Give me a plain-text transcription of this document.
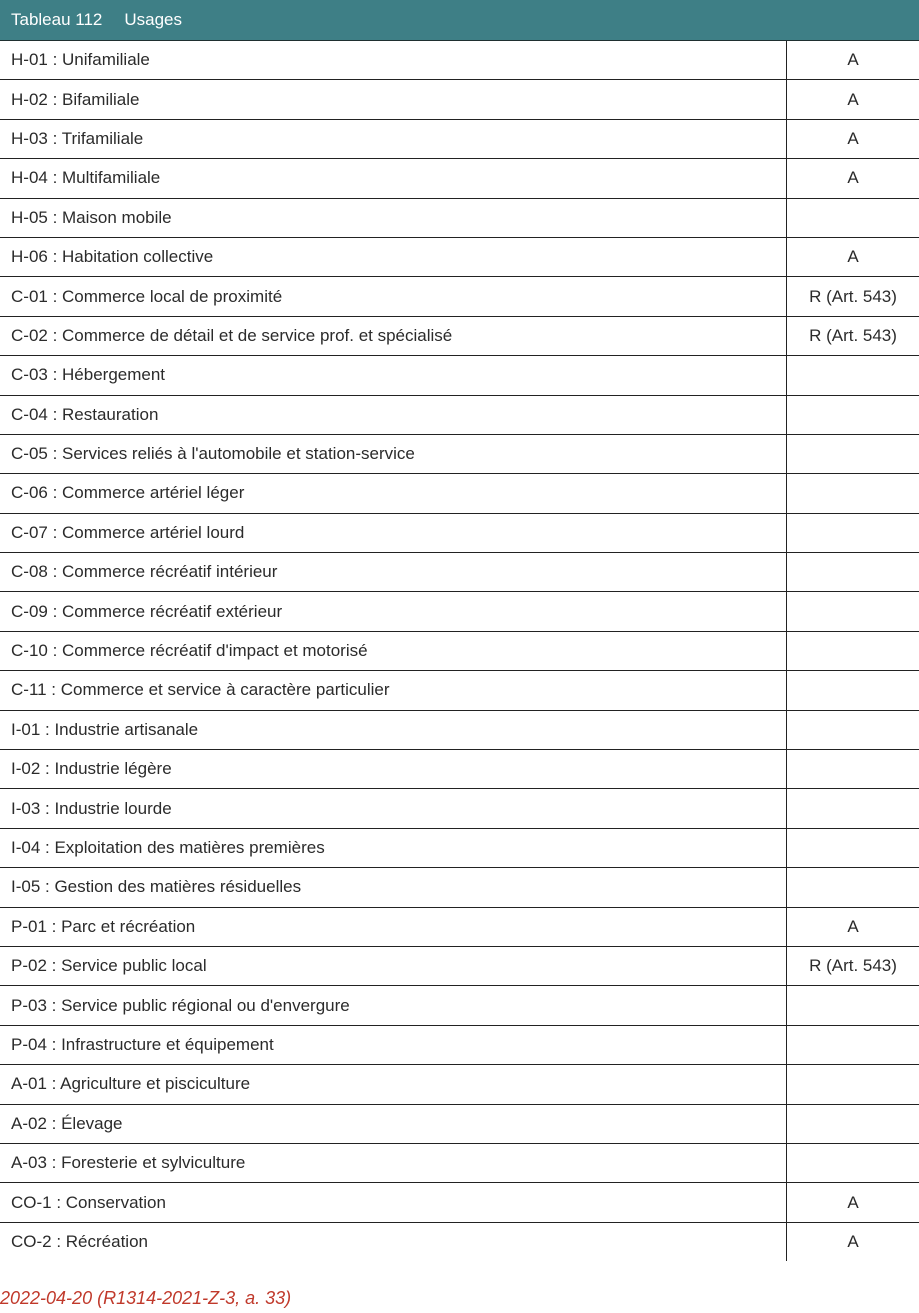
Tableau 112 Usages
H-01 : Unifamiliale	A
H-02 : Bifamiliale	A
H-03 : Trifamiliale	A
H-04 : Multifamiliale	A
H-05 : Maison mobile	
H-06 : Habitation collective	A
C-01 : Commerce local de proximité	R (Art. 543)
C-02 : Commerce de détail et de service prof. et spécialisé	R (Art. 543)
C-03 : Hébergement	
C-04 : Restauration	
C-05 : Services reliés à l'automobile et station-service	
C-06 : Commerce artériel léger	
C-07 : Commerce artériel lourd	
C-08 : Commerce récréatif intérieur	
C-09 : Commerce récréatif extérieur	
C-10 : Commerce récréatif d'impact et motorisé	
C-11 : Commerce et service à caractère particulier	
I-01 : Industrie artisanale	
I-02 : Industrie légère	
I-03 : Industrie lourde	
I-04 : Exploitation des matières premières	
I-05 : Gestion des matières résiduelles	
P-01 : Parc et récréation	A
P-02 : Service public local	R (Art. 543)
P-03 : Service public régional ou d'envergure	
P-04 : Infrastructure et équipement	
A-01 : Agriculture et pisciculture	
A-02 : Élevage	
A-03 : Foresterie et sylviculture	
CO-1 : Conservation	A
CO-2 : Récréation	A
2022-04-20 (R1314-2021-Z-3, a. 33)
